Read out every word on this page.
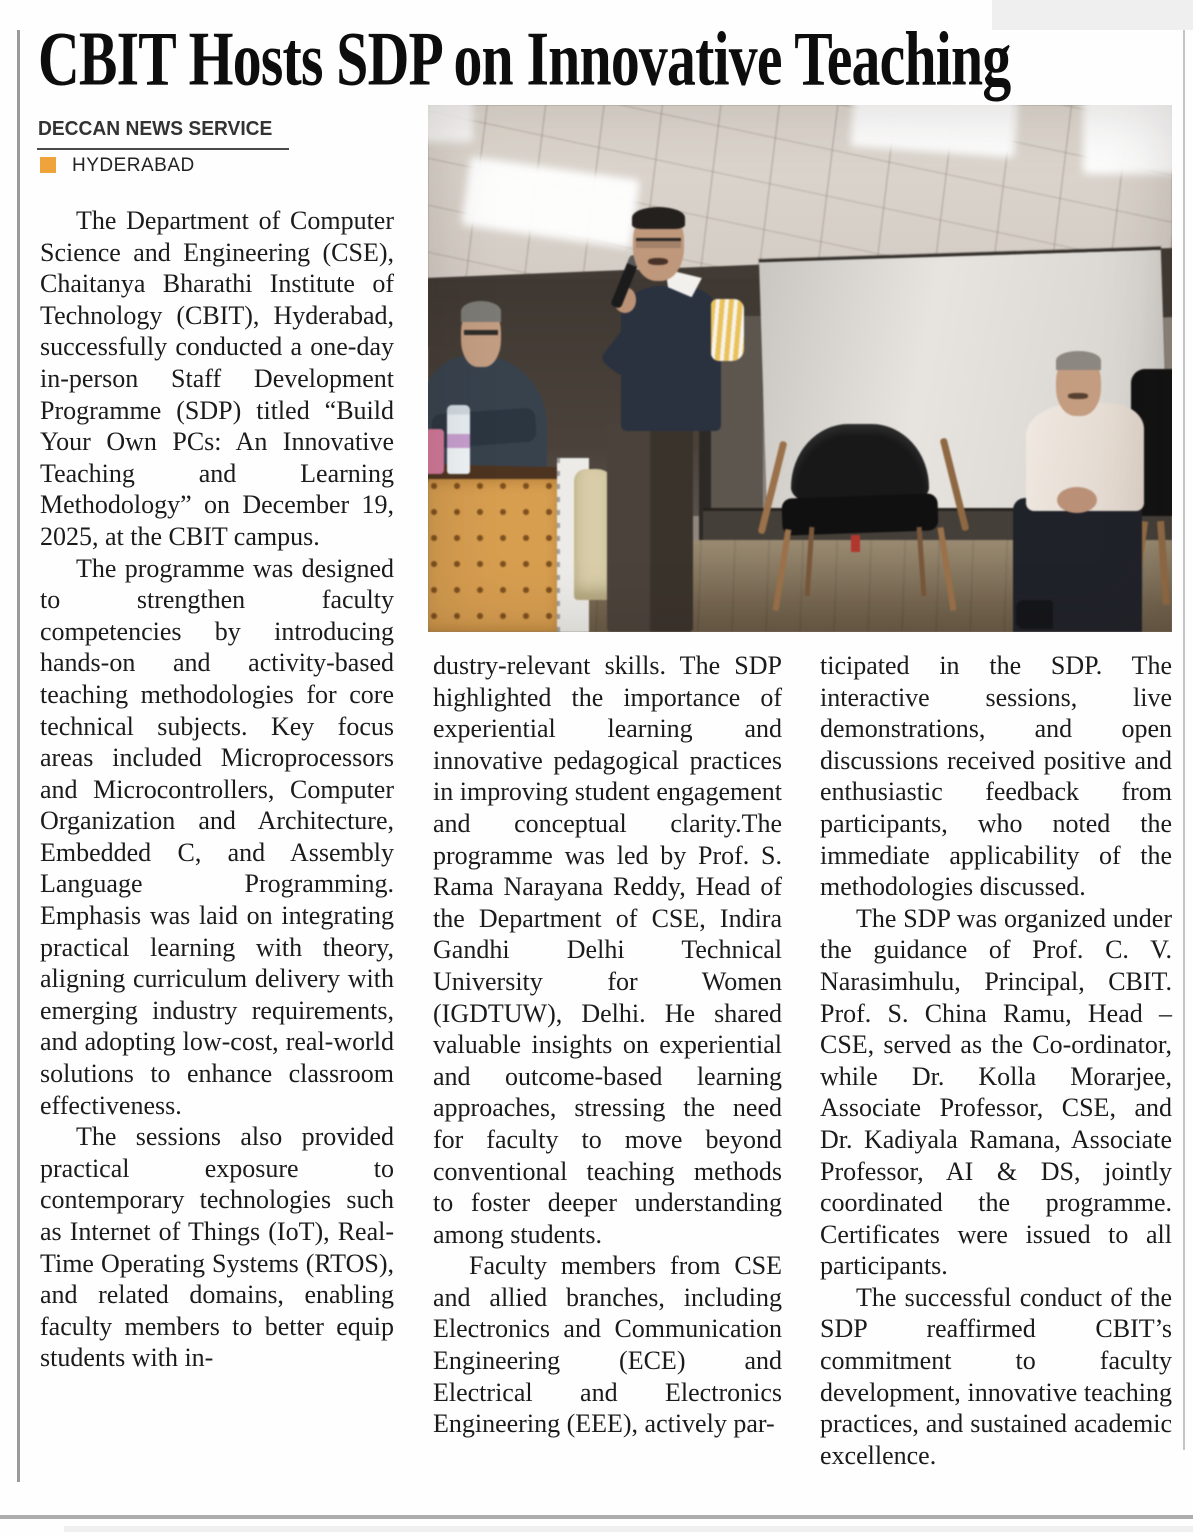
CBIT Hosts SDP on Innovative Teaching
DECCAN NEWS SERVICE
HYDERABAD

The Department of Computer Science and Engineering (CSE), Chaitanya Bharathi Institute of Technology (CBIT), Hyderabad, successfully conducted a one-day in-person Staff Development Programme (SDP) titled “Build Your Own PCs: An Innovative Teaching and Learning Methodology” on December 19, 2025, at the CBIT campus.

The programme was designed to strengthen faculty competencies by introducing hands-on and activity-based teaching methodologies for core technical subjects. Key focus areas included Microprocessors and Microcontrollers, Computer Organization and Architecture, Embedded C, and Assembly Language Programming. Emphasis was laid on integrating practical learning with theory, aligning curriculum delivery with emerging industry requirements, and adopting low-cost, real-world solutions to enhance classroom effectiveness.

The sessions also provided practical exposure to contemporary technologies such as Internet of Things (IoT), Real-Time Operating Systems (RTOS), and related domains, enabling faculty members to better equip students with in-

dustry-relevant skills. The SDP highlighted the importance of experiential learning and innovative pedagogical practices in improving student engagement and conceptual clarity.The programme was led by Prof. S. Rama Narayana Reddy, Head of the Department of CSE, Indira Gandhi Delhi Technical University for Women (IGDTUW), Delhi. He shared valuable insights on experiential and outcome-based learning approaches, stressing the need for faculty to move beyond conventional teaching methods to foster deeper understanding among students.

Faculty members from CSE and allied branches, including Electronics and Communication Engineering (ECE) and Electrical and Electronics Engineering (EEE), actively par-

ticipated in the SDP. The interactive sessions, live demonstrations, and open discussions received positive and enthusiastic feedback from participants, who noted the immediate applicability of the methodologies discussed.

The SDP was organized under the guidance of Prof. C. V. Narasimhulu, Principal, CBIT. Prof. S. China Ramu, Head – CSE, served as the Co-ordinator, while Dr. Kolla Morarjee, Associate Professor, CSE, and Dr. Kadiyala Ramana, Associate Professor, AI & DS, jointly coordinated the programme. Certificates were issued to all participants.

The successful conduct of the SDP reaffirmed CBIT’s commitment to faculty development, innovative teaching practices, and sustained academic excellence.
